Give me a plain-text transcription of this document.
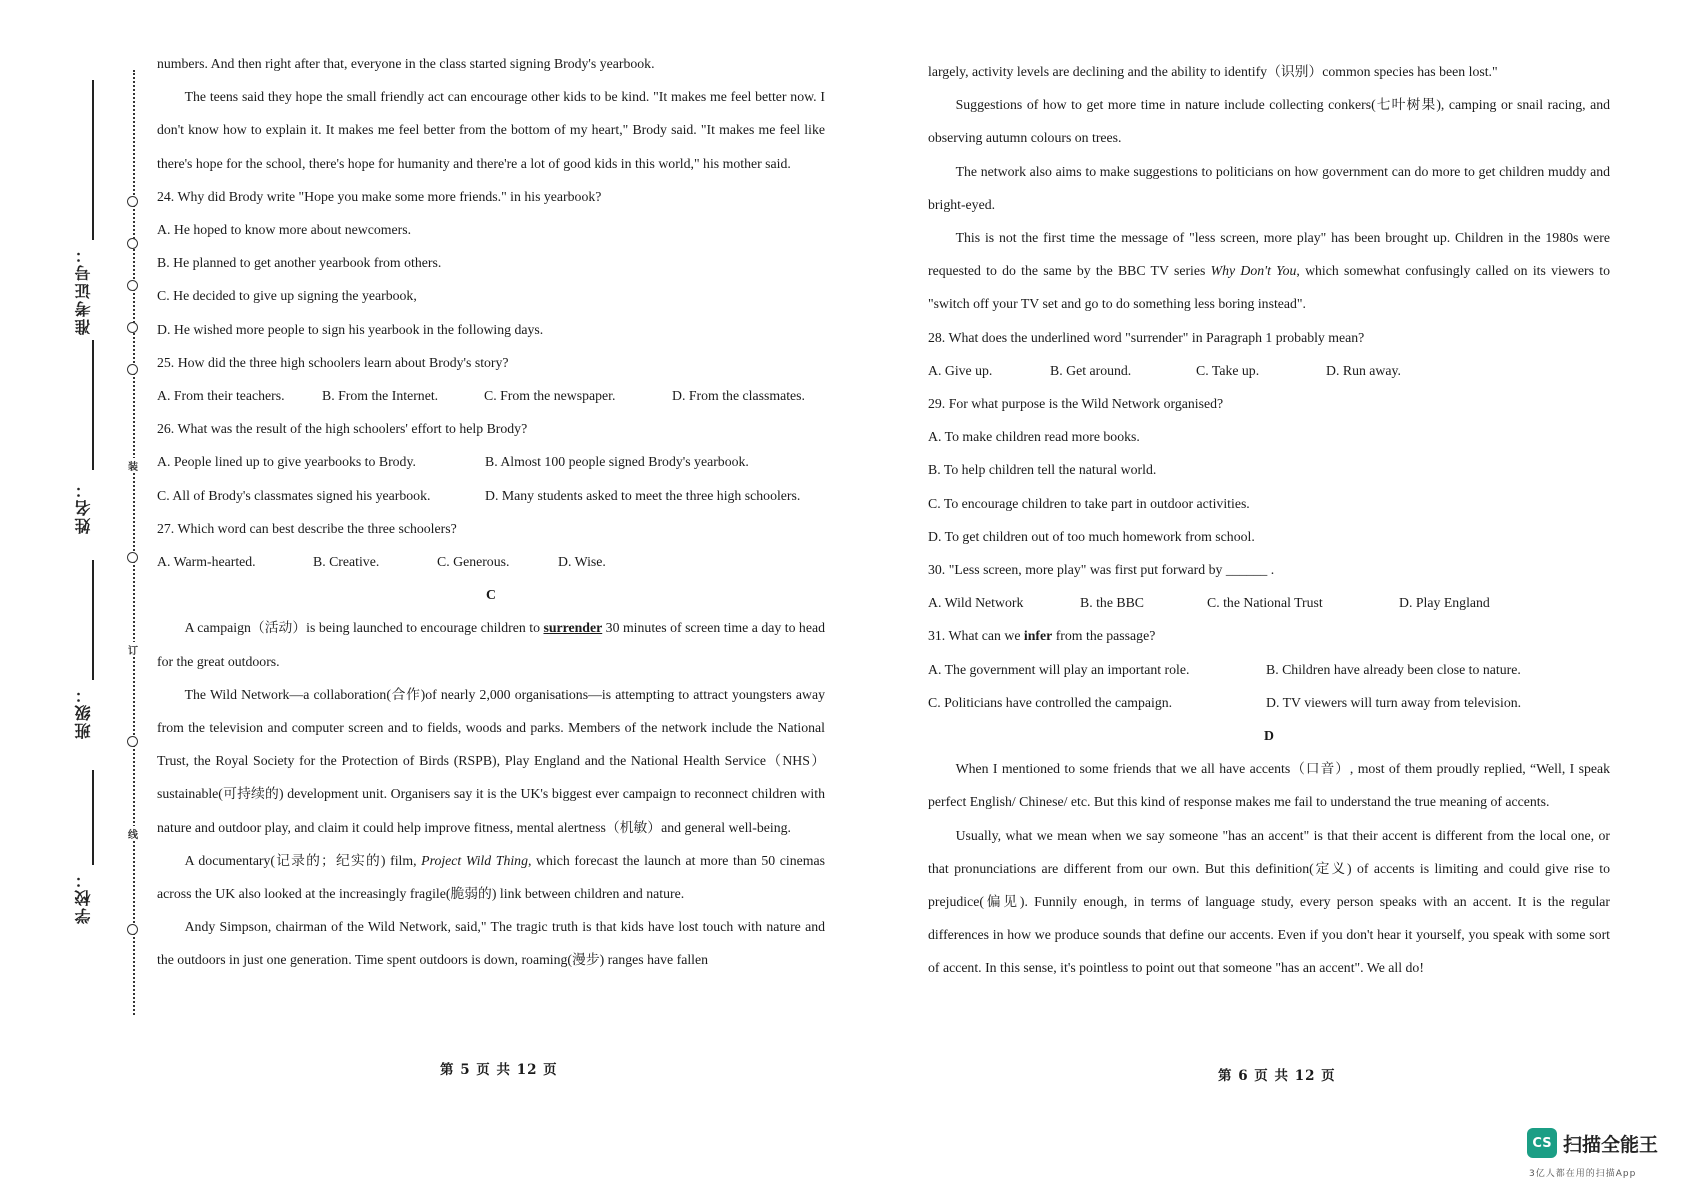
准考证号：
姓名：
班级：
学校：
装
订
线

numbers. And then right after that, everyone in the class started signing Brody's yearbook.

The teens said they hope the small friendly act can encourage other kids to be kind. "It makes me feel better now. I don't know how to explain it. It makes me feel better from the bottom of my heart," Brody said. "It makes me feel like there's hope for the school, there's hope for humanity and there're a lot of good kids in this world," his mother said.

24. Why did Brody write "Hope you make some more friends." in his yearbook?

A. He hoped to know more about newcomers.

B. He planned to get another yearbook from others.

C. He decided to give up signing the yearbook,

D. He wished more people to sign his yearbook in the following days.

25. How did the three high schoolers learn about Brody's story?

A. From their teachers.	B. From the Internet.	C. From the newspaper.	D. From the classmates.

26. What was the result of the high schoolers' effort to help Brody?

A. People lined up to give yearbooks to Brody.	B. Almost 100 people signed Brody's yearbook.
C. All of Brody's classmates signed his yearbook.	D. Many students asked to meet the three high schoolers.

27. Which word can best describe the three schoolers?

A. Warm-hearted.	B. Creative.	C. Generous.	D. Wise.

C

A campaign（活动）is being launched to encourage children to surrender 30 minutes of screen time a day to head for the great outdoors.

The Wild Network—a collaboration(合作)of nearly 2,000 organisations—is attempting to attract youngsters away from the television and computer screen and to fields, woods and parks. Members of the network include the National Trust, the Royal Society for the Protection of Birds (RSPB), Play England and the National Health Service（NHS）sustainable(可持续的) development unit. Organisers say it is the UK's biggest ever campaign to reconnect children with nature and outdoor play, and claim it could help improve fitness, mental alertness（机敏）and general well-being.

A documentary(记录的；纪实的) film, Project Wild Thing, which forecast the launch at more than 50 cinemas across the UK also looked at the increasingly fragile(脆弱的) link between children and nature.

Andy Simpson, chairman of the Wild Network, said," The tragic truth is that kids have lost touch with nature and the outdoors in just one generation. Time spent outdoors is down, roaming(漫步) ranges have fallen

第 5 页 共 12 页

largely, activity levels are declining and the ability to identify（识别）common species has been lost."

Suggestions of how to get more time in nature include collecting conkers(七叶树果), camping or snail racing, and observing autumn colours on trees.

The network also aims to make suggestions to politicians on how government can do more to get children muddy and bright-eyed.

This is not the first time the message of "less screen, more play" has been brought up. Children in the 1980s were requested to do the same by the BBC TV series Why Don't You, which somewhat confusingly called on its viewers to "switch off your TV set and go to do something less boring instead".

28. What does the underlined word "surrender" in Paragraph 1 probably mean?

A. Give up.	B. Get around.	C. Take up.	D. Run away.

29. For what purpose is the Wild Network organised?

A. To make children read more books.

B. To help children tell the natural world.

C. To encourage children to take part in outdoor activities.

D. To get children out of too much homework from school.

30. "Less screen, more play" was first put forward by ______ .

A. Wild Network	B. the BBC	C. the National Trust	D. Play England

31. What can we infer from the passage?

A. The government will play an important role.	B. Children have already been close to nature.
C. Politicians have controlled the campaign.	D. TV viewers will turn away from television.

D

When I mentioned to some friends that we all have accents（口音）, most of them proudly replied, “Well, I speak perfect English/ Chinese/ etc. But this kind of response makes me fail to understand the true meaning of accents.

Usually, what we mean when we say someone "has an accent" is that their accent is different from the local one, or that pronunciations are different from our own. But this definition(定义) of accents is limiting and could give rise to prejudice(偏见). Funnily enough, in terms of language study, every person speaks with an accent. It is the regular differences in how we produce sounds that define our accents. Even if you don't hear it yourself, you speak with some sort of accent. In this sense, it's pointless to point out that someone "has an accent". We all do!

第 6 页 共 12 页
CS 扫描全能王
3亿人都在用的扫描App
